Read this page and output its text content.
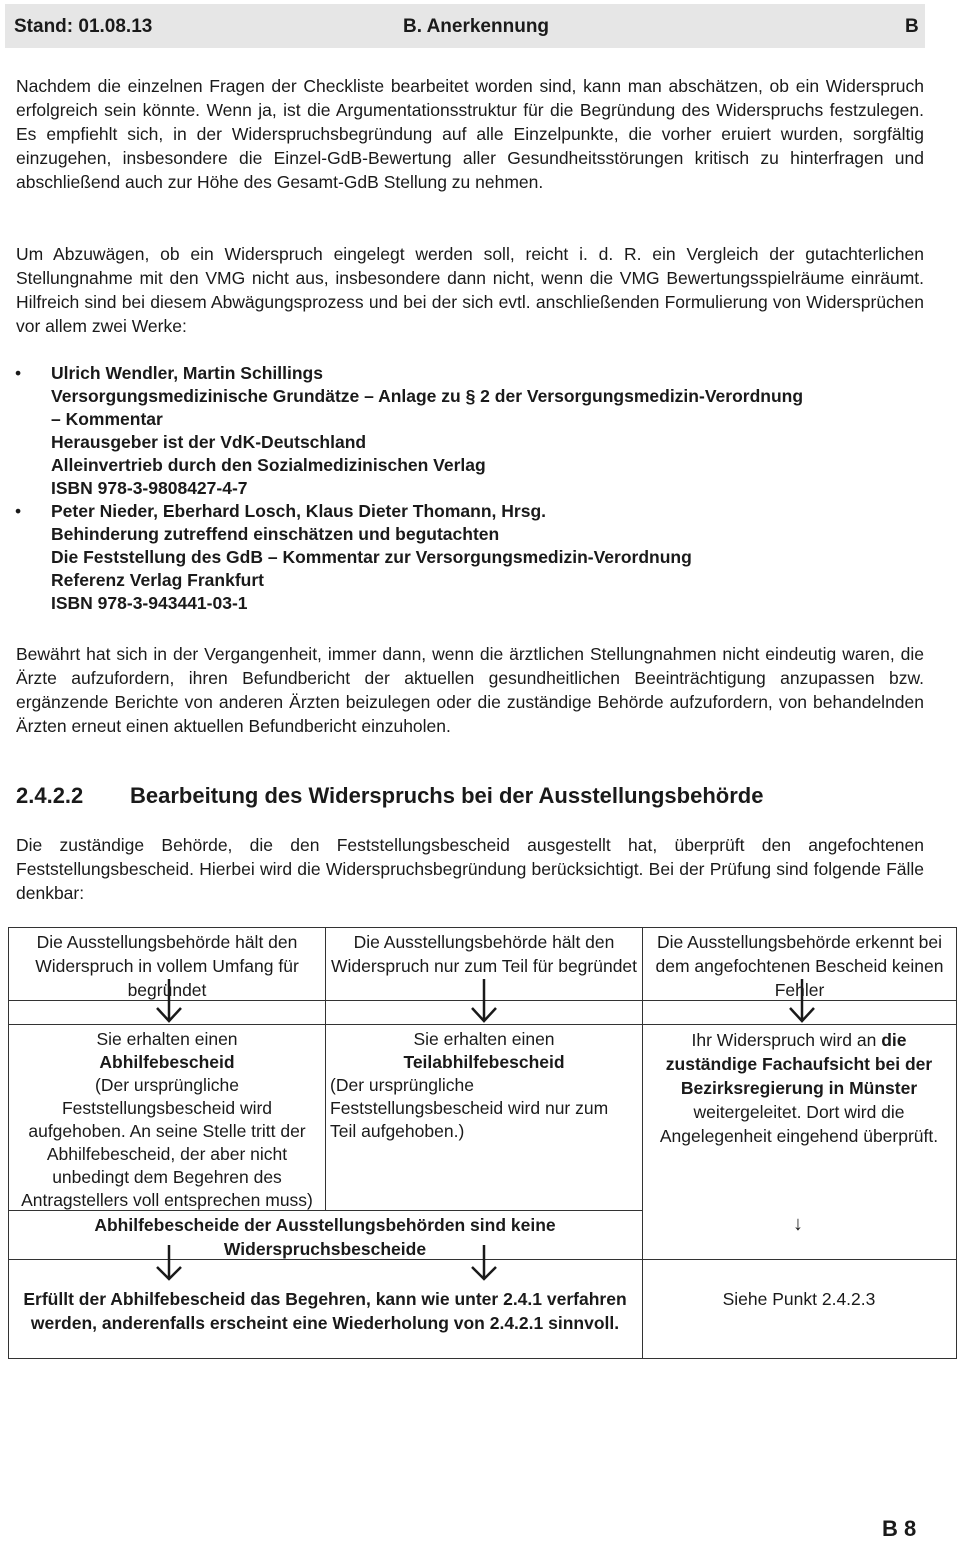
Stand: 01.08.13	B. Anerkennung	B

Nachdem die einzelnen Fragen der Checkliste bearbeitet worden sind, kann man abschätzen, ob ein Widerspruch erfolgreich sein könnte. Wenn ja, ist die Argumentationsstruktur für die Begründung des Widerspruchs festzulegen. Es empfiehlt sich, in der Widerspruchsbegründung auf alle Einzelpunkte, die vorher eruiert wurden, sorgfältig einzugehen, insbesondere die Einzel-GdB-Bewertung aller Gesundheitsstörungen kritisch zu hinterfragen und abschließend auch zur Höhe des Gesamt-GdB Stellung zu nehmen.

Um Abzuwägen, ob ein Widerspruch eingelegt werden soll, reicht i. d. R. ein Vergleich der gutachterlichen Stellungnahme mit den VMG nicht aus, insbesondere dann nicht, wenn die VMG Bewertungsspielräume einräumt. Hilfreich sind bei diesem Abwägungsprozess und bei der sich evtl. anschließenden Formulierung von Widersprüchen vor allem zwei Werke:

• Ulrich Wendler, Martin Schillings
Versorgungsmedizinische Grundätze – Anlage zu § 2 der Versorgungsmedizin-Verordnung
– Kommentar
Herausgeber ist der VdK-Deutschland
Alleinvertrieb durch den Sozialmedizinischen Verlag
ISBN 978-3-9808427-4-7
• Peter Nieder, Eberhard Losch, Klaus Dieter Thomann, Hrsg.
Behinderung zutreffend einschätzen und begutachten
Die Feststellung des GdB – Kommentar zur Versorgungsmedizin-Verordnung
Referenz Verlag Frankfurt
ISBN 978-3-943441-03-1

Bewährt hat sich in der Vergangenheit, immer dann, wenn die ärztlichen Stellungnahmen nicht eindeutig waren, die Ärzte aufzufordern, ihren Befundbericht der aktuellen gesundheitlichen Beeinträchtigung anzupassen bzw. ergänzende Berichte von anderen Ärzten beizulegen oder die zuständige Behörde aufzufordern, von behandelnden Ärzten erneut einen aktuellen Befundbericht einzuholen.

2.4.2.2 Bearbeitung des Widerspruchs bei der Ausstellungsbehörde

Die zuständige Behörde, die den Feststellungsbescheid ausgestellt hat, überprüft den angefochtenen Feststellungsbescheid. Hierbei wird die Widerspruchsbegründung berücksichtigt. Bei der Prüfung sind folgende Fälle denkbar:

Die Ausstellungsbehörde hält den Widerspruch in vollem Umfang für begründet
Die Ausstellungsbehörde hält den Widerspruch nur zum Teil für begründet
Die Ausstellungsbehörde erkennt bei dem angefochtenen Bescheid keinen Fehler
Sie erhalten einen
Abhilfebescheid
(Der ursprüngliche Feststellungsbescheid wird aufgehoben. An seine Stelle tritt der Abhilfebescheid, der aber nicht unbedingt dem Begehren des Antragstellers voll entsprechen muss)
Sie erhalten einen
Teilabhilfebescheid
(Der ursprüngliche Feststellungsbescheid wird nur zum Teil aufgehoben.)
Ihr Widerspruch wird an die zuständige Fachaufsicht bei der Bezirksregierung in Münster weitergeleitet. Dort wird die Angelegenheit eingehend überprüft.
Abhilfebescheide der Ausstellungsbehörden sind keine Widerspruchsbescheide
↓
Erfüllt der Abhilfebescheid das Begehren, kann wie unter 2.4.1 verfahren werden, anderenfalls erscheint eine Wiederholung von 2.4.2.1 sinnvoll.
Siehe Punkt 2.4.2.3
B 8
